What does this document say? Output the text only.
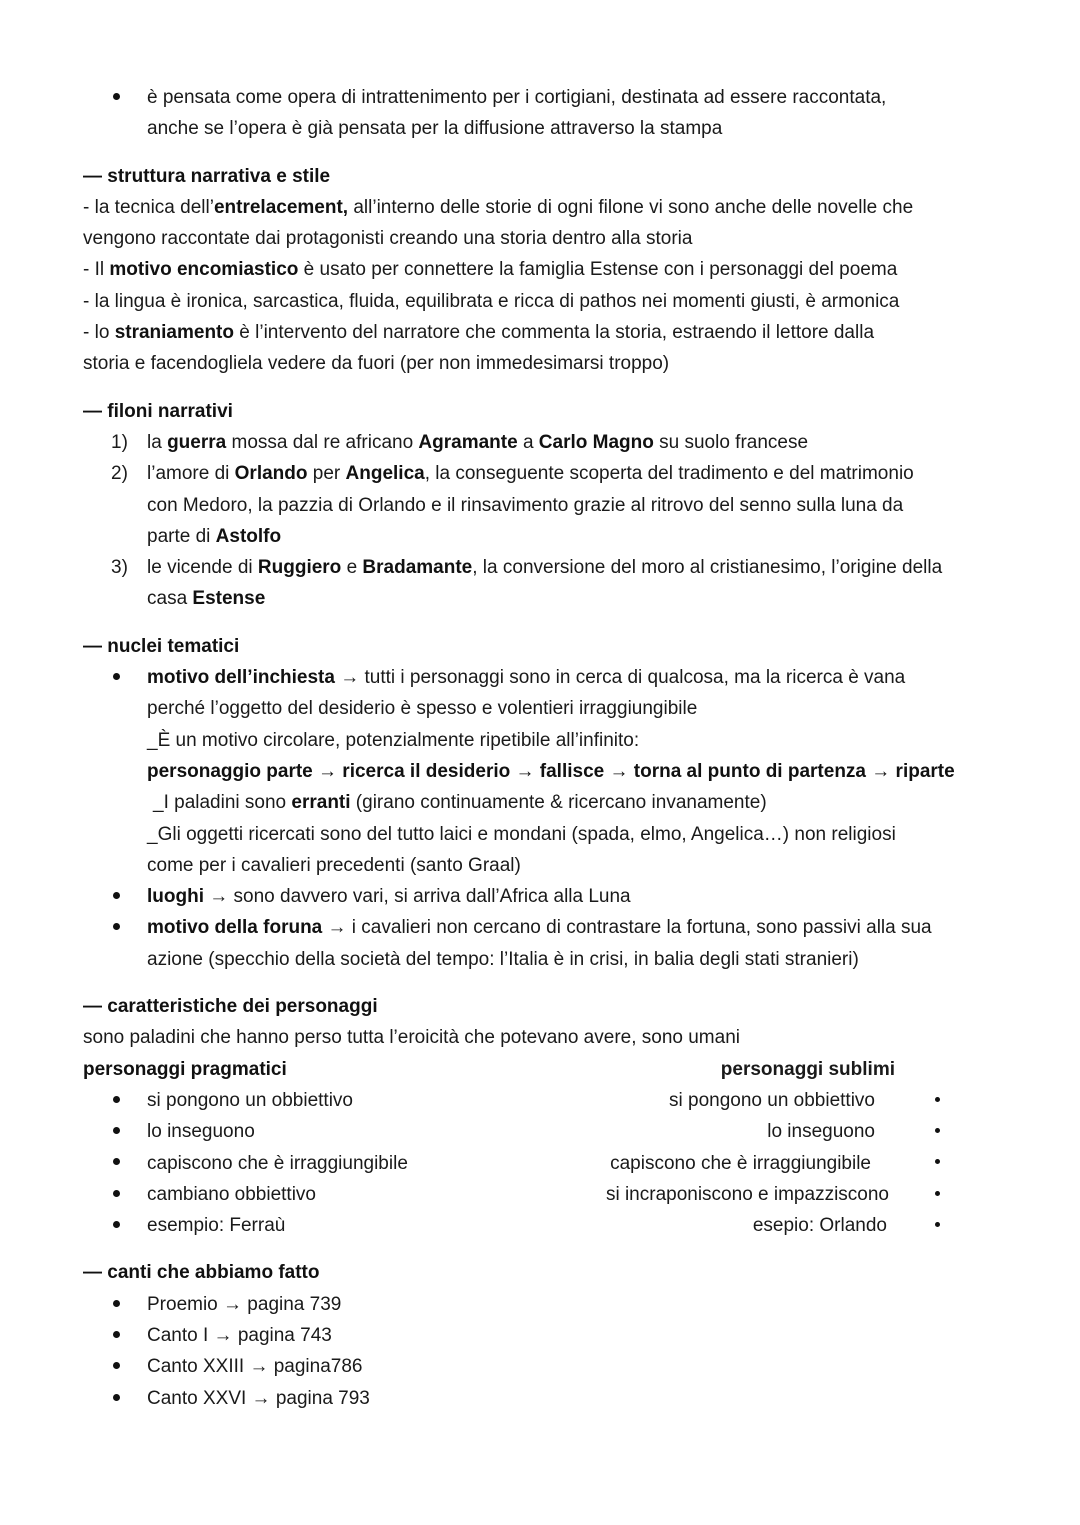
è pensata come opera di intrattenimento per i cortigiani, destinata ad essere raccontata,
anche se l’opera è già pensata per la diffusione attraverso la stampa
— struttura narrativa e stile
- la tecnica dell’entrelacement, all’interno delle storie di ogni filone vi sono anche delle novelle che
vengono raccontate dai protagonisti creando una storia dentro alla storia
- Il motivo encomiastico è usato per connettere la famiglia Estense con i personaggi del poema
- la lingua è ironica, sarcastica, fluida, equilibrata e ricca di pathos nei momenti giusti, è armonica
- lo straniamento è l’intervento del narratore che commenta la storia, estraendo il lettore dalla
storia e facendogliela vedere da fuori (per non immedesimarsi troppo)
— filoni narrativi
1) la guerra mossa dal re africano Agramante a Carlo Magno su suolo francese
2) l’amore di Orlando per Angelica, la conseguente scoperta del tradimento e del matrimonio
con Medoro, la pazzia di Orlando e il rinsavimento grazie al ritrovo del senno sulla luna da
parte di Astolfo
3) le vicende di Ruggiero e Bradamante, la conversione del moro al cristianesimo, l’origine della
casa Estense
— nuclei tematici
motivo dell’inchiesta → tutti i personaggi sono in cerca di qualcosa, ma la ricerca è vana
perché l’oggetto del desiderio è spesso e volentieri irraggiungibile
_È un motivo circolare, potenzialmente ripetibile all’infinito:
personaggio parte → ricerca il desiderio → fallisce → torna al punto di partenza → riparte
_I paladini sono erranti (girano continuamente & ricercano invanamente)
_Gli oggetti ricercati sono del tutto laici e mondani (spada, elmo, Angelica…) non religiosi
come per i cavalieri precedenti (santo Graal)
luoghi → sono davvero vari, si arriva dall’Africa alla Luna
motivo della foruna → i cavalieri non cercano di contrastare la fortuna, sono passivi alla sua
azione (specchio della società del tempo: l’Italia è in crisi, in balia degli stati stranieri)
— caratteristiche dei personaggi
sono paladini che hanno perso tutta l’eroicità che potevano avere, sono umani
personaggi pragmatici
si pongono un obbiettivo
lo inseguono
capiscono che è irraggiungibile
cambiano obbiettivo
esempio: Ferraù
personaggi sublimi
si pongono un obbiettivo
lo inseguono
capiscono che è irraggiungibile
si incraponiscono e impazziscono
esepio: Orlando
— canti che abbiamo fatto
Proemio → pagina 739
Canto I → pagina 743
Canto XXIII → pagina786
Canto XXVI → pagina 793
